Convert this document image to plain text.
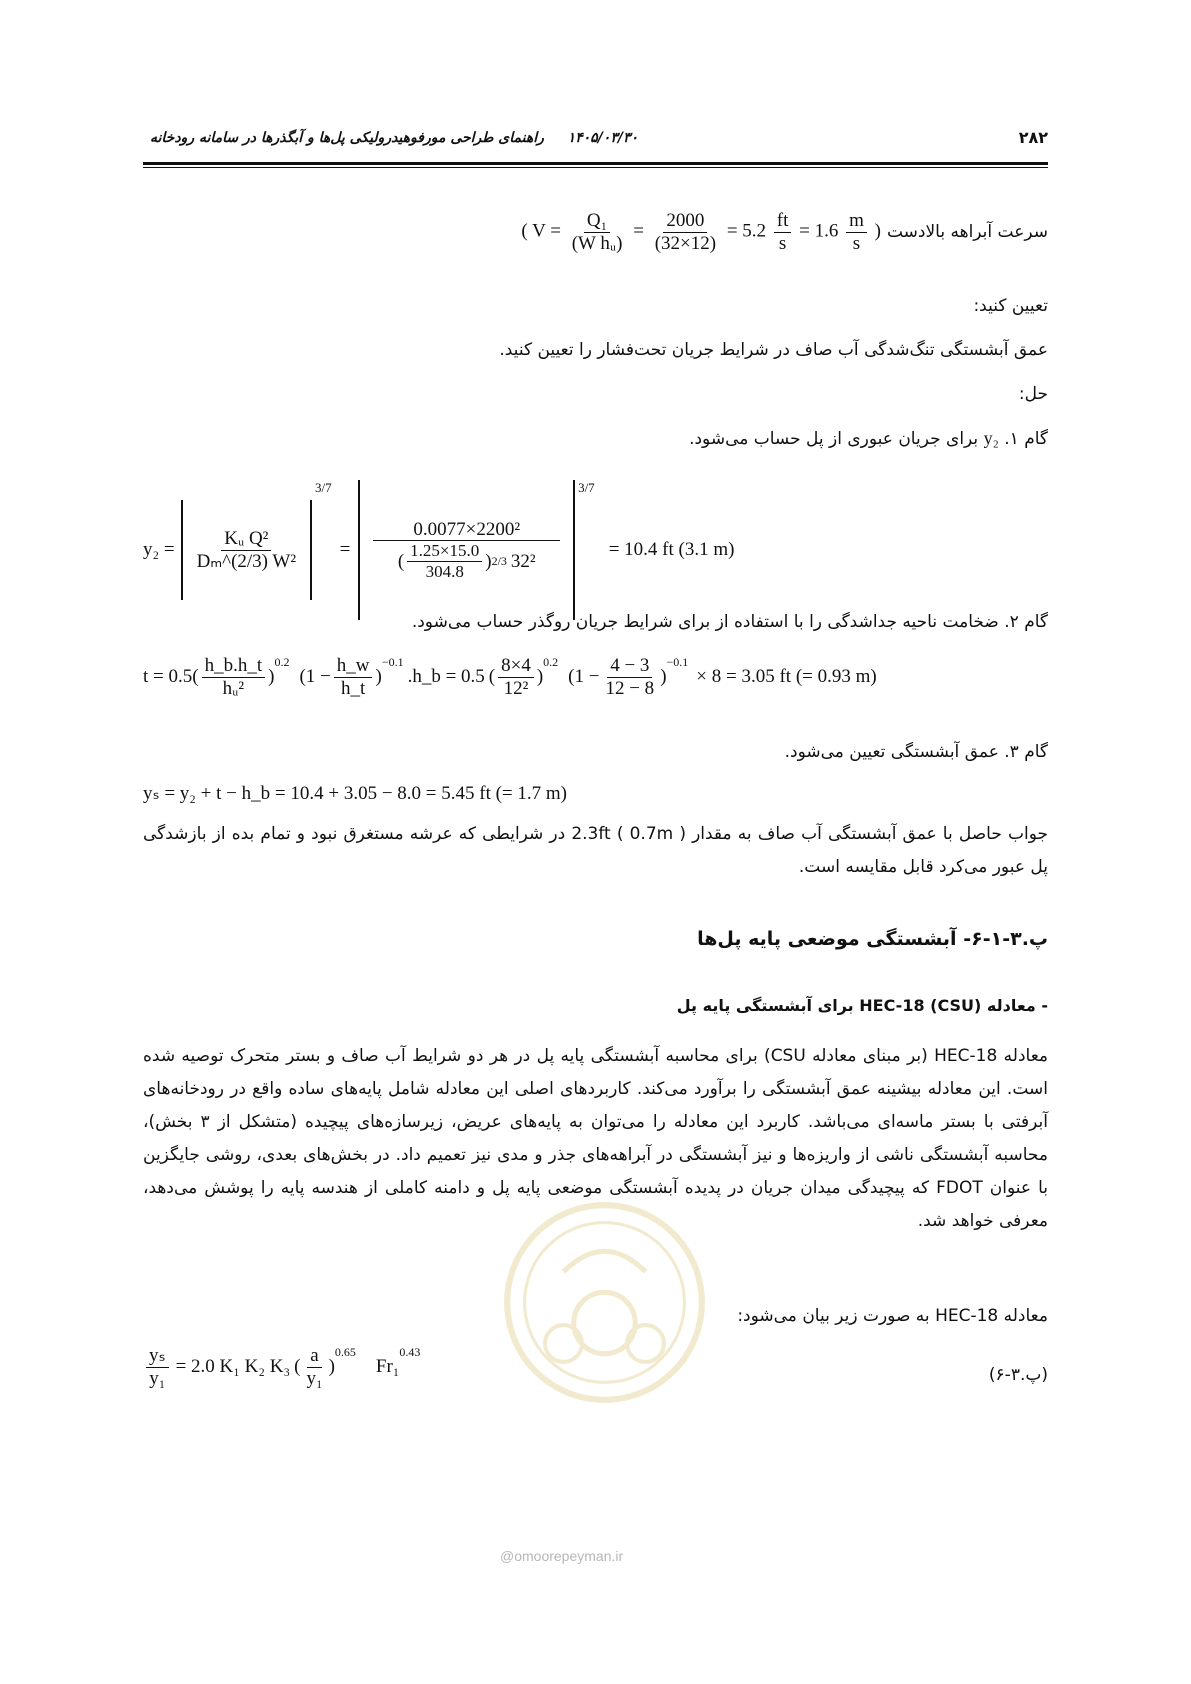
۲۸۲
۱۴۰۵/۰۳/۳۰  راهنمای طراحی مورفوهیدرولیکی پل‌ها و آبگذرها در سامانه رودخانه
سرعت آبراهه بالادست
( $V = \frac{\text{Q₁}}{\text{(W hᵤ)}} = \frac{2000}{(32\times 12)} = 5.2 \frac{ft}{s} = 1.6 \frac{m}{s}$ )
تعیین کنید:
عمق آبشستگی تنگ‌شدگی آب صاف در شرایط جریان تحت‌فشار را تعیین کنید.
حل:
گام ۱. y₂ برای جریان عبوری از پل حساب می‌شود.
$y_2 = \frac{\text{Kᵤ Q²}}{\text{Dₘ\textasciicircum{}(2/3) W²}}$
3/7
= $\frac{\text{0.0077×2200²}}{( \frac{1.25\times 15.0}{304.8} ) 2/3 32^2}$
3/7
= 10.4 ft (3.1 m)
گام ۲. ضخامت ناحیه جداشدگی را با استفاده از برای شرایط جریان روگذر حساب می‌شود.
t = 0.5 ( $\frac{h\_b.h\_t}{\text{hᵤ²}}$ )
$^{0.2}$
( $1 - \frac{h\_w}{h\_t}$ )
$^{-0.1}$
.h_b = 0.5 ( $\frac{8\times 4}{\text{12²}}$ )
$^{0.2}$
( $1 - \frac{4 - 3}{12 - 8}$ )
$^{-0.1}$
× 8 = 3.05 ft (= 0.93 m)
گام ۳. عمق آبشستگی تعیین می‌شود.
yₛ = y₂ + t − h_b = 10.4 + 3.05 − 8.0 = 5.45 ft (= 1.7 m)
جواب حاصل با عمق آبشستگی آب صاف به مقدار 2.3ft ( 0.7m ) در شرایطی که عرشه مستغرق نبود و تمام بده از بازشدگی پل عبور می‌کرد قابل مقایسه است.
پ.۳-۱-۶- آبشستگی موضعی پایه پل‌ها
- معادله HEC-18 (CSU) برای آبشستگی پایه پل
معادله HEC-18 (بر مبنای معادله CSU) برای محاسبه آبشستگی پایه پل در هر دو شرایط آب صاف و بستر متحرک توصیه شده است. این معادله بیشینه عمق آبشستگی را برآورد می‌کند. کاربردهای اصلی این معادله شامل پایه‌های ساده واقع در رودخانه‌های آبرفتی با بستر ماسه‌ای می‌باشد. کاربرد این معادله را می‌توان به پایه‌های عریض، زیرسازه‌های پیچیده (متشکل از ۳ بخش)، محاسبه آبشستگی ناشی از واریزه‌ها و نیز آبشستگی در آبراهه‌های جذر و مدی نیز تعمیم داد. در بخش‌های بعدی، روشی جایگزین با عنوان FDOT که پیچیدگی میدان جریان در پدیده آبشستگی موضعی پایه پل و دامنه کاملی از هندسه پایه را پوشش می‌دهد، معرفی خواهد شد.
معادله HEC-18 به صورت زیر بیان می‌شود:
$\frac{\text{yₛ}}{\text{y₁}} = 2.0$ K₁ K₂ K₃ ( $\frac{a}{\text{y₁}}$ )
$^{0.65}$
Fr₁
$^{0.43}$
(پ.۳-۶)
@omoorepeyman.ir
